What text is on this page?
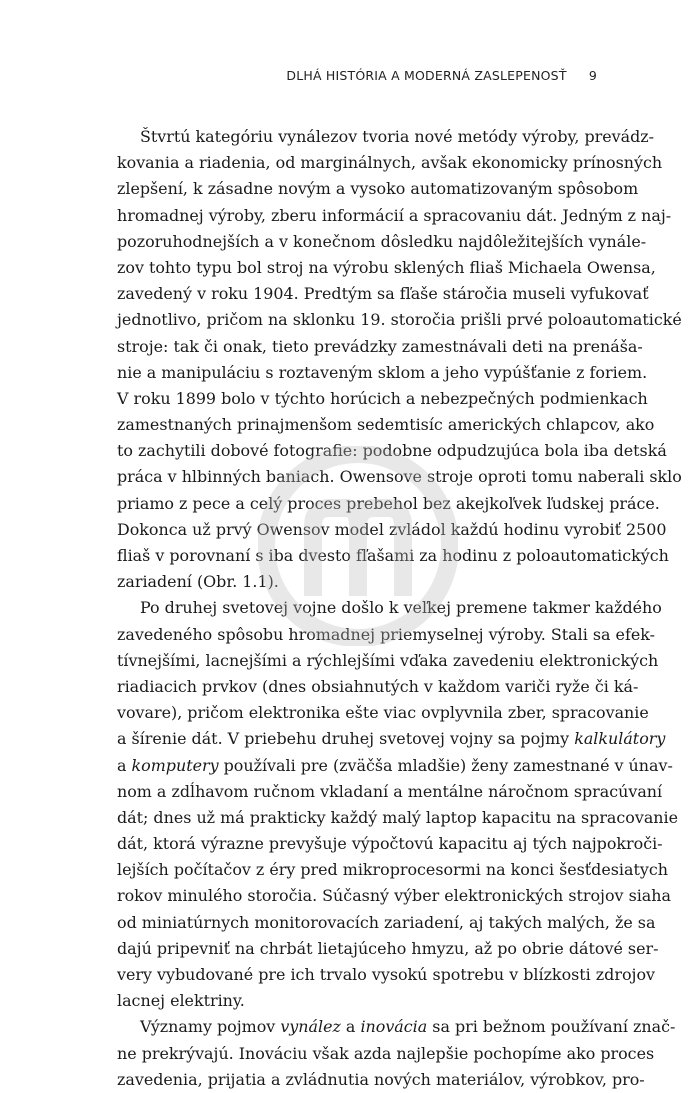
DLHÁ HISTÓRIA A MODERNÁ ZASLEPENOSŤ 9
Štvrtú kategóriu vynálezov tvoria nové metódy výroby, prevádz-
kovania a riadenia, od marginálnych, avšak ekonomicky prínosných
zlepšení, k zásadne novým a vysoko automatizovaným spôsobom
hromadnej výroby, zberu informácií a spracovaniu dát. Jedným z naj-
pozoruhodnejších a v konečnom dôsledku najdôležitejších vynále-
zov tohto typu bol stroj na výrobu sklených fliaš Michaela Owensa,
zavedený v roku 1904. Predtým sa fľaše stáročia museli vyfukovať
jednotlivo, pričom na sklonku 19. storočia prišli prvé poloautomatické
stroje: tak či onak, tieto prevádzky zamestnávali deti na prenáša-
nie a manipuláciu s roztaveným sklom a jeho vypúšťanie z foriem.
V roku 1899 bolo v týchto horúcich a nebezpečných podmienkach
zamestnaných prinajmenšom sedemtisíc amerických chlapcov, ako
to zachytili dobové fotografie: podobne odpudzujúca bola iba detská
práca v hlbinných baniach. Owensove stroje oproti tomu naberali sklo
priamo z pece a celý proces prebehol bez akejkoľvek ľudskej práce.
Dokonca už prvý Owensov model zvládol každú hodinu vyrobiť 2500
fliaš v porovnaní s iba dvesto fľašami za hodinu z poloautomatických
zariadení (Obr. 1.1).
Po druhej svetovej vojne došlo k veľkej premene takmer každého
zavedeného spôsobu hromadnej priemyselnej výroby. Stali sa efek-
tívnejšími, lacnejšími a rýchlejšími vďaka zavedeniu elektronických
riadiacich prvkov (dnes obsiahnutých v každom variči ryže či ká-
vovare), pričom elektronika ešte viac ovplyvnila zber, spracovanie
a šírenie dát. V priebehu druhej svetovej vojny sa pojmy kalkulátory
a komputery používali pre (zväčša mladšie) ženy zamestnané v únav-
nom a zdĺhavom ručnom vkladaní a mentálne náročnom spracúvaní
dát; dnes už má prakticky každý malý laptop kapacitu na spracovanie
dát, ktorá výrazne prevyšuje výpočtovú kapacitu aj tých najpokroči-
lejších počítačov z éry pred mikroprocesormi na konci šesťdesiatych
rokov minulého storočia. Súčasný výber elektronických strojov siaha
od miniatúrnych monitorovacích zariadení, aj takých malých, že sa
dajú pripevniť na chrbát lietajúceho hmyzu, až po obrie dátové ser-
very vybudované pre ich trvalo vysokú spotrebu v blízkosti zdrojov
lacnej elektriny.
Významy pojmov vynález a inovácia sa pri bežnom používaní znač-
ne prekrývajú. Inováciu však azda najlepšie pochopíme ako proces
zavedenia, prijatia a zvládnutia nových materiálov, výrobkov, pro-
